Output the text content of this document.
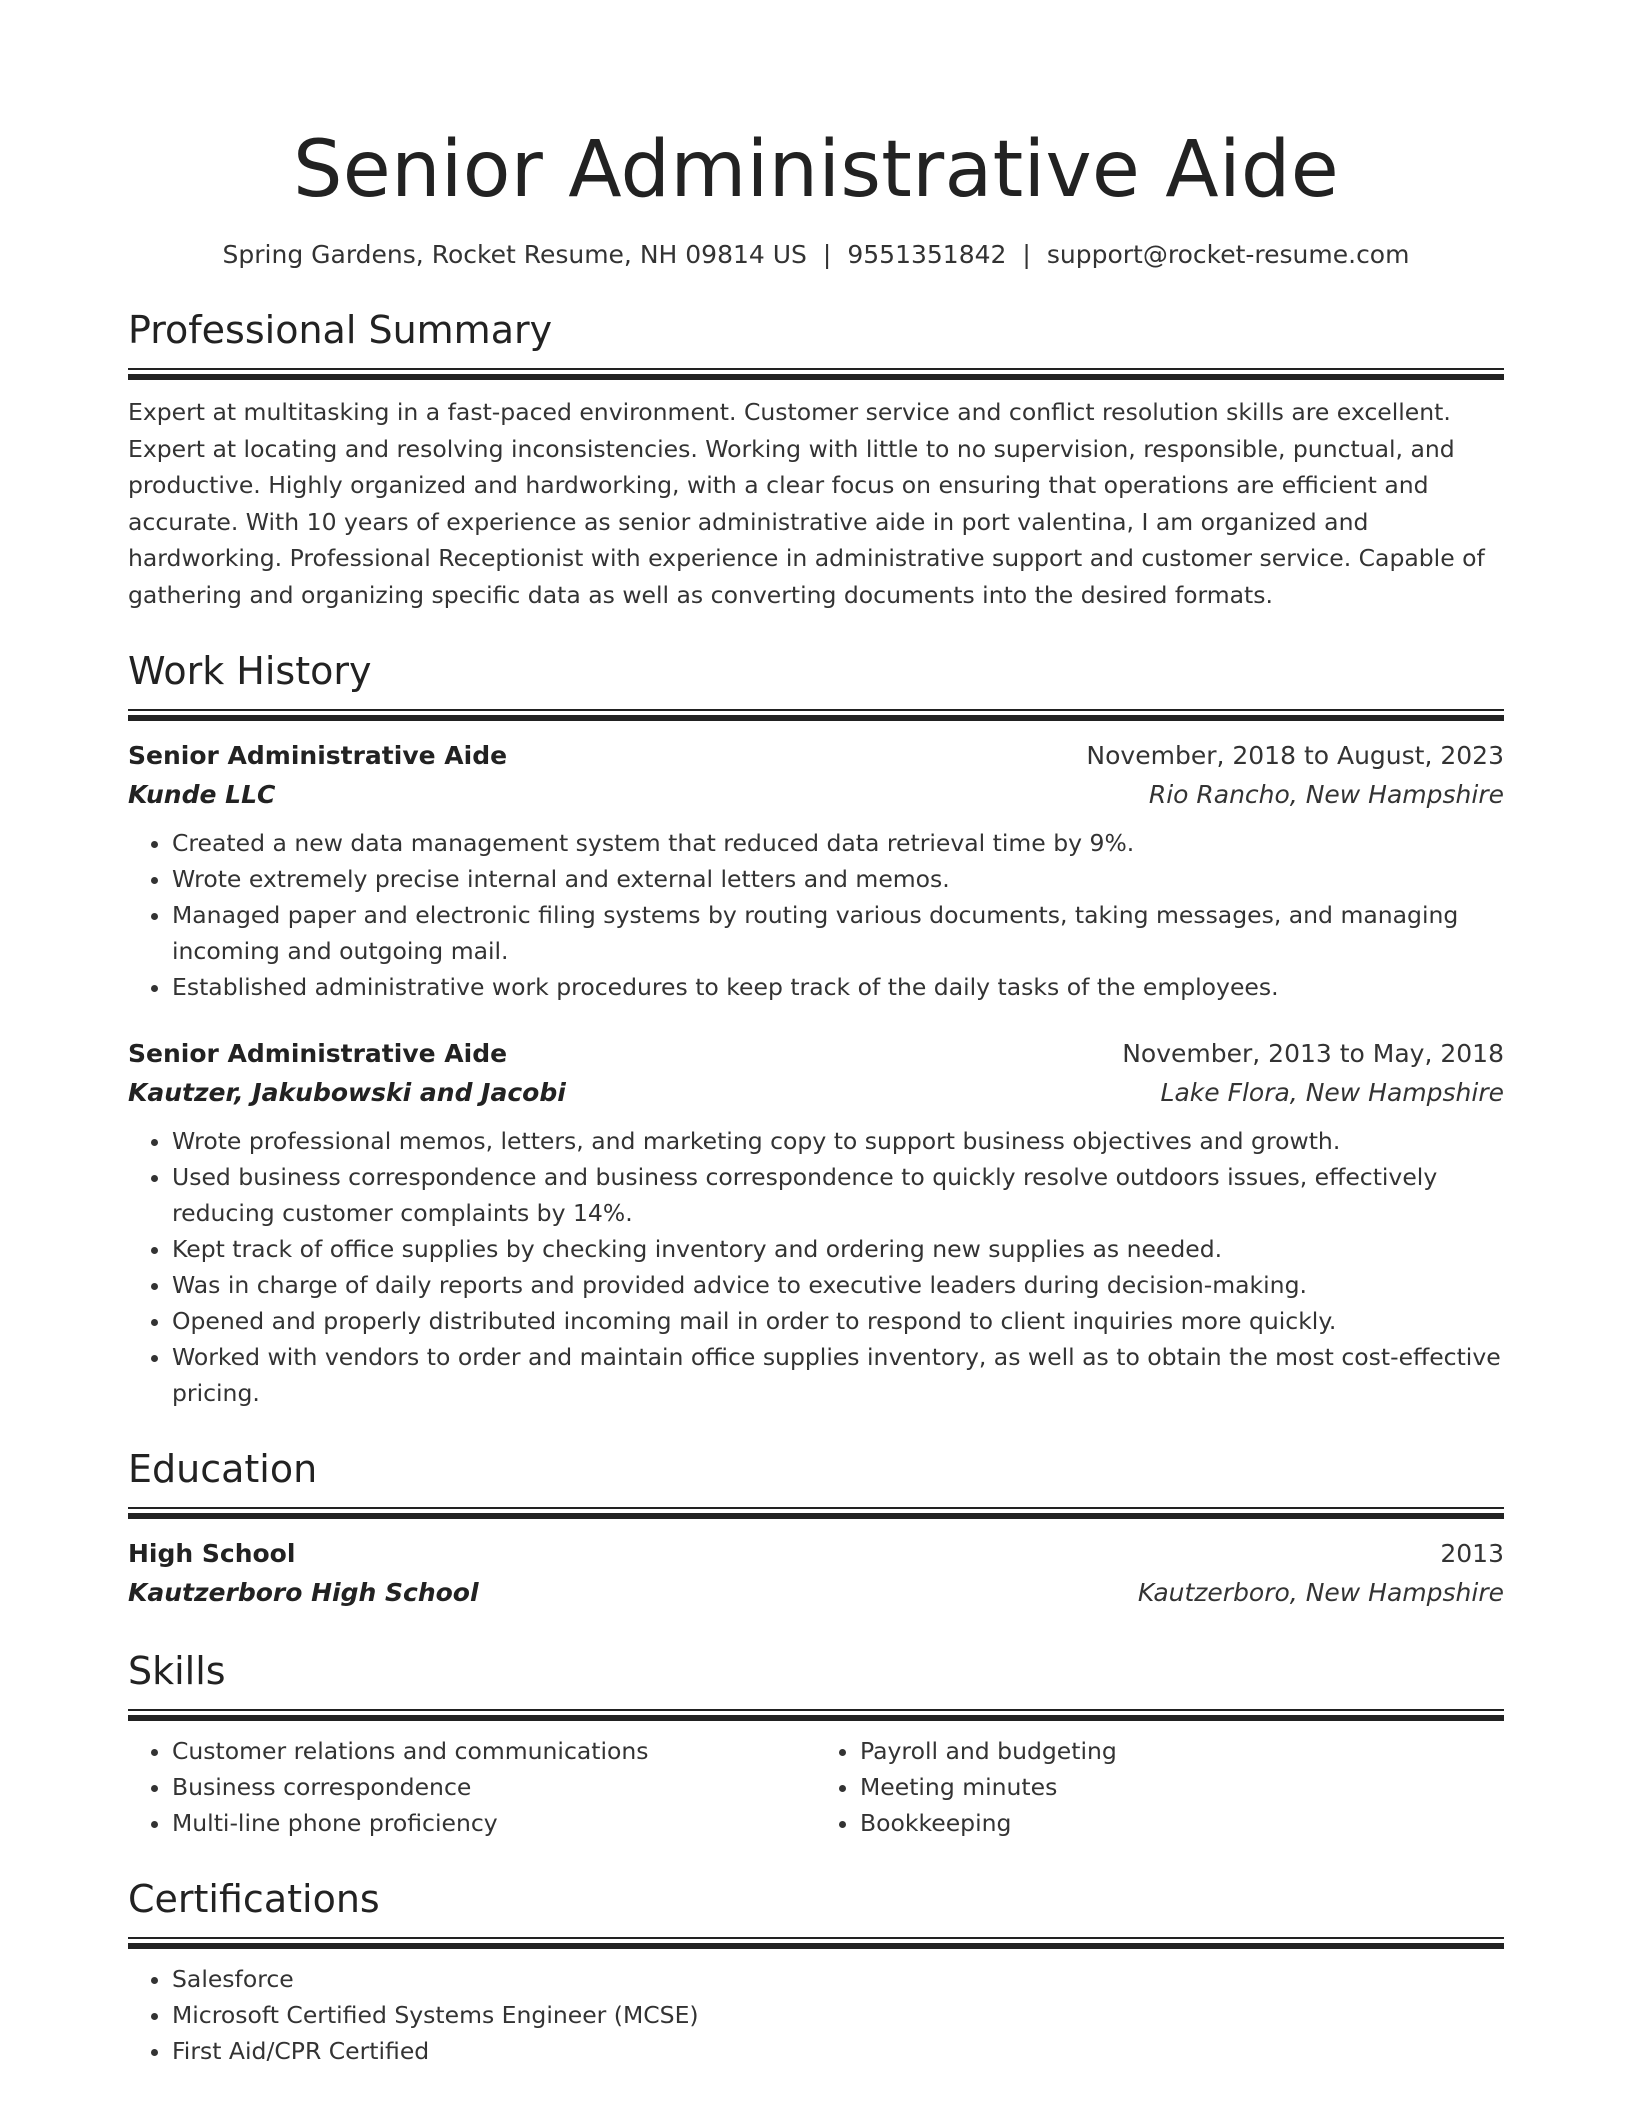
Senior Administrative Aide
Spring Gardens, Rocket Resume, NH 09814 US | 9551351842 | support@rocket-resume.com
Professional Summary
Expert at multitasking in a fast-paced environment. Customer service and conflict resolution skills are excellent. Expert at locating and resolving inconsistencies. Working with little to no supervision, responsible, punctual, and productive. Highly organized and hardworking, with a clear focus on ensuring that operations are efficient and accurate. With 10 years of experience as senior administrative aide in port valentina, I am organized and hardworking. Professional Receptionist with experience in administrative support and customer service. Capable of gathering and organizing specific data as well as converting documents into the desired formats.
Work History
Senior Administrative Aide	November, 2018 to August, 2023
Kunde LLC	Rio Rancho, New Hampshire
• Created a new data management system that reduced data retrieval time by 9%.
• Wrote extremely precise internal and external letters and memos.
• Managed paper and electronic filing systems by routing various documents, taking messages, and managing incoming and outgoing mail.
• Established administrative work procedures to keep track of the daily tasks of the employees.
Senior Administrative Aide	November, 2013 to May, 2018
Kautzer, Jakubowski and Jacobi	Lake Flora, New Hampshire
• Wrote professional memos, letters, and marketing copy to support business objectives and growth.
• Used business correspondence and business correspondence to quickly resolve outdoors issues, effectively reducing customer complaints by 14%.
• Kept track of office supplies by checking inventory and ordering new supplies as needed.
• Was in charge of daily reports and provided advice to executive leaders during decision-making.
• Opened and properly distributed incoming mail in order to respond to client inquiries more quickly.
• Worked with vendors to order and maintain office supplies inventory, as well as to obtain the most cost-effective pricing.
Education
High School	2013
Kautzerboro High School	Kautzerboro, New Hampshire
Skills
• Customer relations and communications
• Business correspondence
• Multi-line phone proficiency
• Payroll and budgeting
• Meeting minutes
• Bookkeeping
Certifications
• Salesforce
• Microsoft Certified Systems Engineer (MCSE)
• First Aid/CPR Certified
